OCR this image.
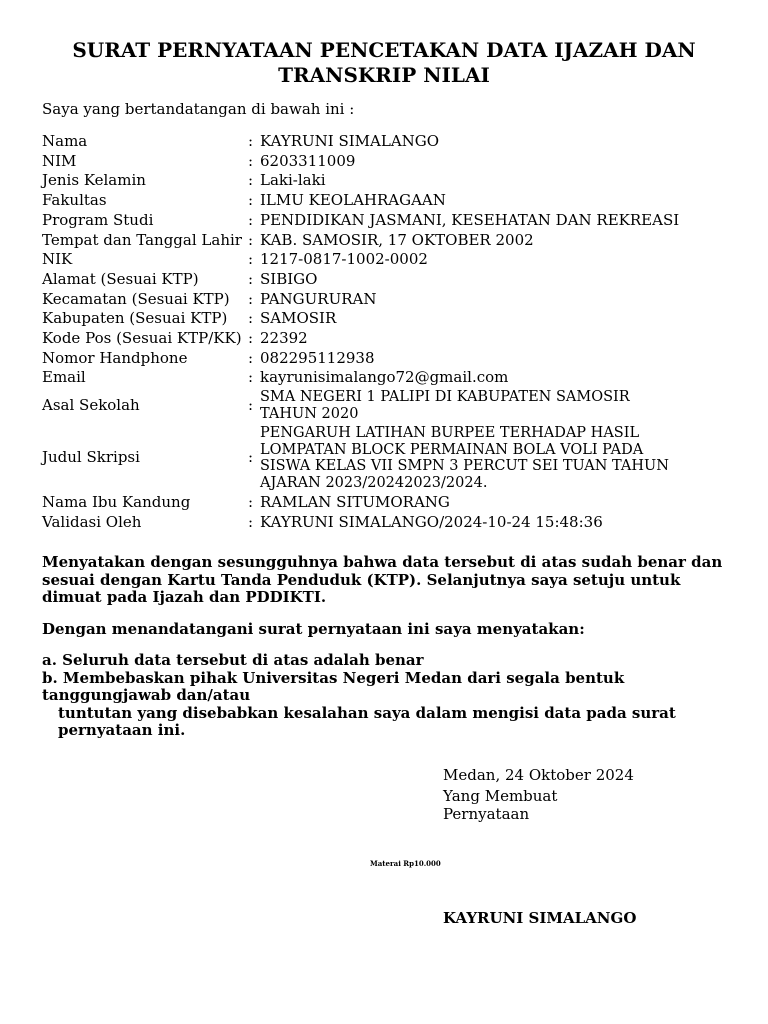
SURAT PERNYATAAN PENCETAKAN DATA IJAZAH DAN
TRANSKRIP NILAI
Saya yang bertandatangan di bawah ini :
Nama	:	KAYRUNI SIMALANGO
NIM	:	6203311009
Jenis Kelamin	:	Laki-laki
Fakultas	:	ILMU KEOLAHRAGAAN
Program Studi	:	PENDIDIKAN JASMANI, KESEHATAN DAN REKREASI
Tempat dan Tanggal Lahir	:	KAB. SAMOSIR, 17 OKTOBER 2002
NIK	:	1217-0817-1002-0002
Alamat (Sesuai KTP)	:	SIBIGO
Kecamatan (Sesuai KTP)	:	PANGURURAN
Kabupaten (Sesuai KTP)	:	SAMOSIR
Kode Pos (Sesuai KTP/KK)	:	22392
Nomor Handphone	:	082295112938
Email	:	kayrunisimalango72@gmail.com
Asal Sekolah	:	SMA NEGERI 1 PALIPI DI KABUPATEN SAMOSIR TAHUN 2020
Judul Skripsi	:	PENGARUH LATIHAN BURPEE TERHADAP HASIL LOMPATAN BLOCK PERMAINAN BOLA VOLI PADA SISWA KELAS VII SMPN 3 PERCUT SEI TUAN TAHUN AJARAN 2023/20242023/2024.
Nama Ibu Kandung	:	RAMLAN SITUMORANG
Validasi Oleh	:	KAYRUNI SIMALANGO/2024-10-24 15:48:36
Menyatakan dengan sesungguhnya bahwa data tersebut di atas sudah benar dan sesuai dengan Kartu Tanda Penduduk (KTP). Selanjutnya saya setuju untuk dimuat pada Ijazah dan PDDIKTI.
Dengan menandatangani surat pernyataan ini saya menyatakan:
a. Seluruh data tersebut di atas adalah benar
b. Membebaskan pihak Universitas Negeri Medan dari segala bentuk tanggungjawab dan/atau
tuntutan yang disebabkan kesalahan saya dalam mengisi data pada surat pernyataan ini.
Medan, 24 Oktober 2024
Yang Membuat Pernyataan
Materai Rp10.000
KAYRUNI SIMALANGO
